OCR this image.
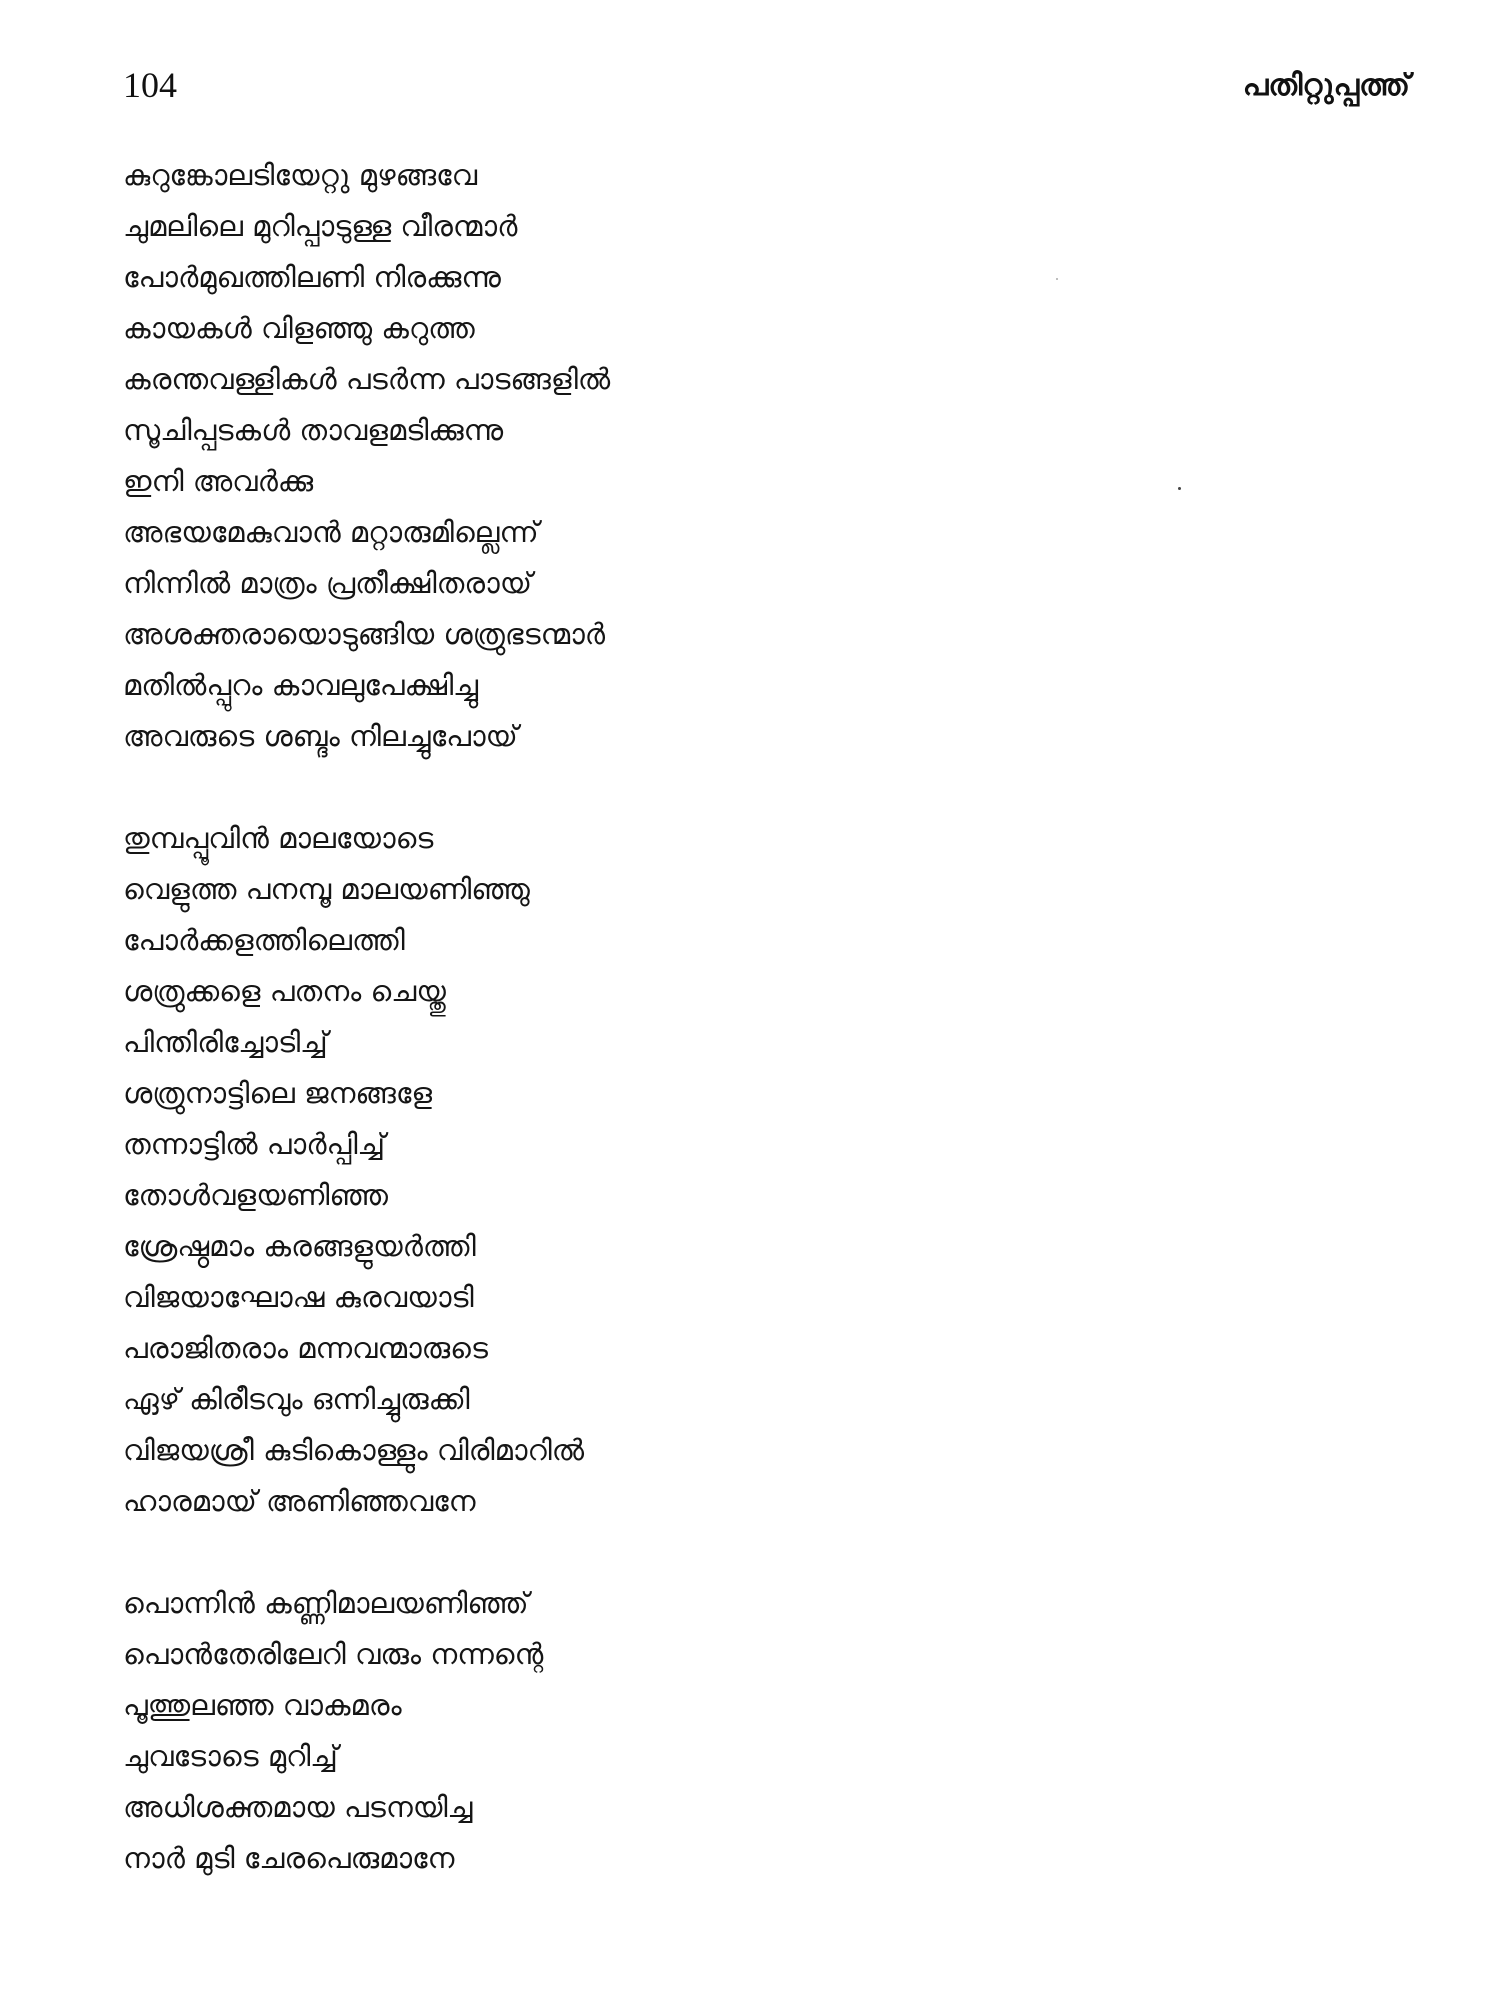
104	പതിറ്റുപ്പത്ത്
കുറുങ്കോലടിയേറ്റു മുഴങ്ങവേ
ചുമലിലെ മുറിപ്പാടുള്ള വീരന്മാർ
പോർമുഖത്തിലണി നിരക്കുന്നു
കായകൾ വിളഞ്ഞു കറുത്ത
കരന്തവള്ളികൾ പടർന്ന പാടങ്ങളിൽ
സൂചിപ്പടകൾ താവളമടിക്കുന്നു
ഇനി അവർക്കു
അഭയമേകുവാൻ മറ്റാരുമില്ലെന്ന്
നിന്നിൽ മാത്രം പ്രതീക്ഷിതരായ്
അശക്തരായൊടുങ്ങിയ ശത്രുഭടന്മാർ
മതിൽപ്പുറം കാവലുപേക്ഷിച്ചു
അവരുടെ ശബ്ദം നിലച്ചുപോയ്
തുമ്പപ്പൂവിൻ മാലയോടെ
വെളുത്ത പനമ്പൂ മാലയണിഞ്ഞു
പോർക്കളത്തിലെത്തി
ശത്രുക്കളെ പതനം ചെയ്തു
പിന്തിരിച്ചോടിച്ച്
ശത്രുനാട്ടിലെ ജനങ്ങളേ
തന്നാട്ടിൽ പാർപ്പിച്ച്
തോൾവളയണിഞ്ഞ
ശ്രേഷ്ഠമാം കരങ്ങളുയർത്തി
വിജയാഘോഷ കുരവയാടി
പരാജിതരാം മന്നവന്മാരുടെ
ഏഴ് കിരീടവും ഒന്നിച്ചുരുക്കി
വിജയശ്രീ കുടികൊള്ളും വിരിമാറിൽ
ഹാരമായ് അണിഞ്ഞവനേ
പൊന്നിൻ കണ്ണിമാലയണിഞ്ഞ്
പൊൻതേരിലേറി വരും നന്നന്റെ
പൂത്തുലഞ്ഞ വാകമരം
ചുവടോടെ മുറിച്ച്
അധിശക്തമായ പടനയിച്ച
നാർ മുടി ചേരപെരുമാനേ
